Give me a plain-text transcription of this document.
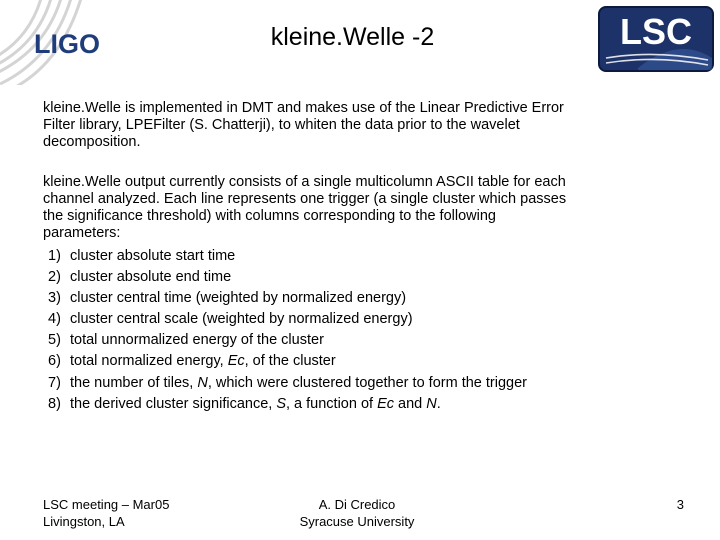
LIGO	LSC
kleine.Welle -2
kleine.Welle is implemented in DMT and makes use of the Linear Predictive Error
Filter library, LPEFilter (S. Chatterji), to whiten the data prior to the wavelet
decomposition.
kleine.Welle output currently consists of a single multicolumn ASCII table for each
channel analyzed. Each line represents one trigger (a single cluster which passes
the significance threshold) with columns corresponding to the following
parameters:
1) cluster absolute start time
2) cluster absolute end time
3) cluster central time (weighted by normalized energy)
4) cluster central scale (weighted by normalized energy)
5) total unnormalized energy of the cluster
6) total normalized energy, Ec, of the cluster
7) the number of tiles, N, which were clustered together to form the trigger
8) the derived cluster significance, S, a function of Ec and N.
LSC meeting – Mar05
Livingston, LA
A. Di Credico
Syracuse University
3
